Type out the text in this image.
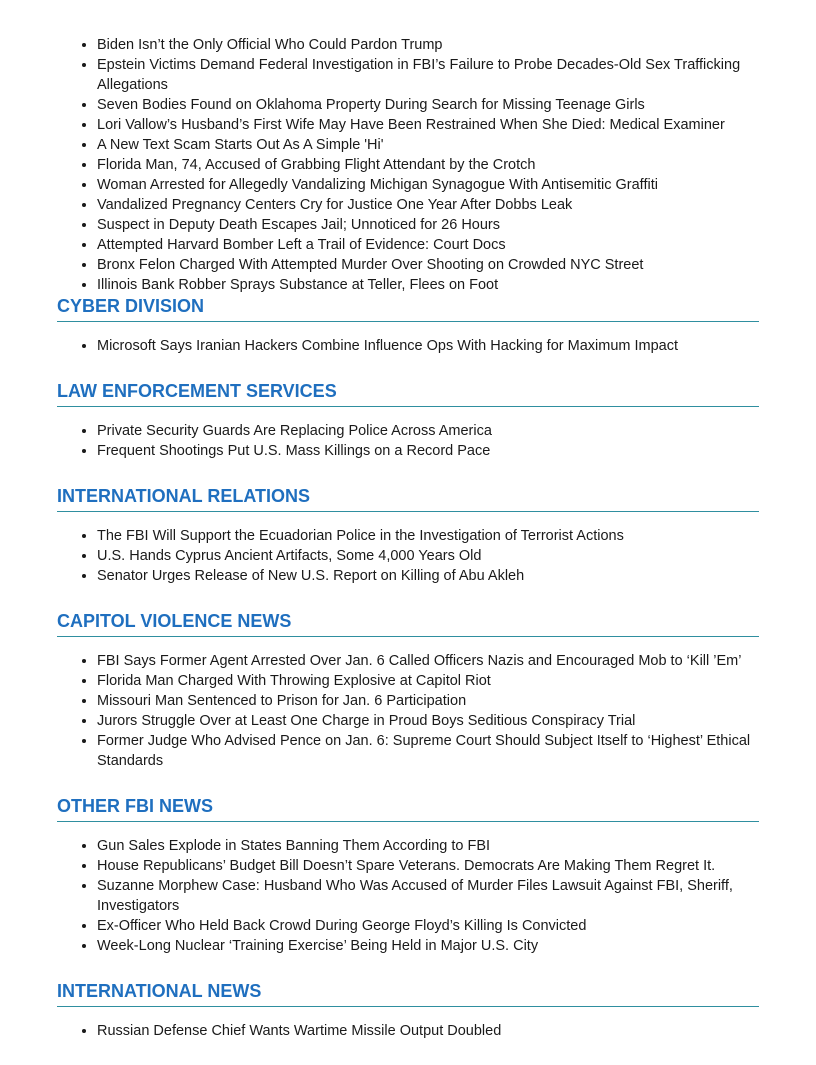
• Biden Isn’t the Only Official Who Could Pardon Trump
• Epstein Victims Demand Federal Investigation in FBI’s Failure to Probe Decades-Old Sex Trafficking Allegations
• Seven Bodies Found on Oklahoma Property During Search for Missing Teenage Girls
• Lori Vallow’s Husband’s First Wife May Have Been Restrained When She Died: Medical Examiner
• A New Text Scam Starts Out As A Simple 'Hi'
• Florida Man, 74, Accused of Grabbing Flight Attendant by the Crotch
• Woman Arrested for Allegedly Vandalizing Michigan Synagogue With Antisemitic Graffiti
• Vandalized Pregnancy Centers Cry for Justice One Year After Dobbs Leak
• Suspect in Deputy Death Escapes Jail; Unnoticed for 26 Hours
• Attempted Harvard Bomber Left a Trail of Evidence: Court Docs
• Bronx Felon Charged With Attempted Murder Over Shooting on Crowded NYC Street
• Illinois Bank Robber Sprays Substance at Teller, Flees on Foot
CYBER DIVISION
• Microsoft Says Iranian Hackers Combine Influence Ops With Hacking for Maximum Impact
LAW ENFORCEMENT SERVICES
• Private Security Guards Are Replacing Police Across America
• Frequent Shootings Put U.S. Mass Killings on a Record Pace
INTERNATIONAL RELATIONS
• The FBI Will Support the Ecuadorian Police in the Investigation of Terrorist Actions
• U.S. Hands Cyprus Ancient Artifacts, Some 4,000 Years Old
• Senator Urges Release of New U.S. Report on Killing of Abu Akleh
CAPITOL VIOLENCE NEWS
• FBI Says Former Agent Arrested Over Jan. 6 Called Officers Nazis and Encouraged Mob to ‘Kill ’Em’
• Florida Man Charged With Throwing Explosive at Capitol Riot
• Missouri Man Sentenced to Prison for Jan. 6 Participation
• Jurors Struggle Over at Least One Charge in Proud Boys Seditious Conspiracy Trial
• Former Judge Who Advised Pence on Jan. 6: Supreme Court Should Subject Itself to ‘Highest’ Ethical Standards
OTHER FBI NEWS
• Gun Sales Explode in States Banning Them According to FBI
• House Republicans’ Budget Bill Doesn’t Spare Veterans. Democrats Are Making Them Regret It.
• Suzanne Morphew Case: Husband Who Was Accused of Murder Files Lawsuit Against FBI, Sheriff, Investigators
• Ex-Officer Who Held Back Crowd During George Floyd’s Killing Is Convicted
• Week-Long Nuclear ‘Training Exercise’ Being Held in Major U.S. City
INTERNATIONAL NEWS
• Russian Defense Chief Wants Wartime Missile Output Doubled
